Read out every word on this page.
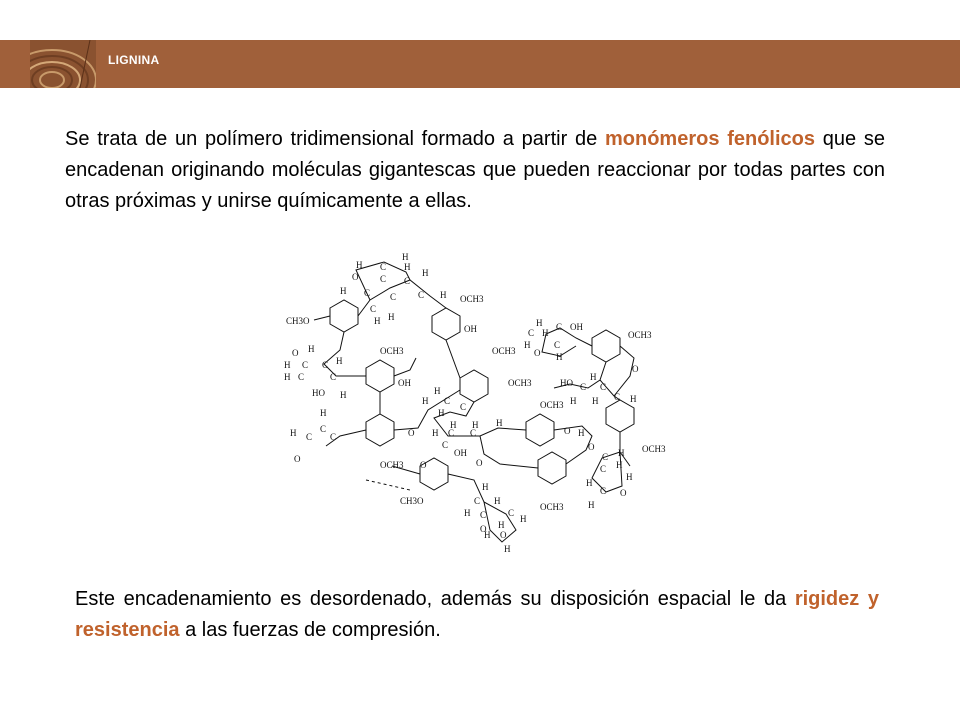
LIGNINA

Se trata de un polímero tridimensional formado a partir de monómeros fenólicos que se encadenan originando moléculas gigantescas que pueden reaccionar por todas partes con otras próximas y unirse químicamente a ellas.

H
H C H
H
O C C
H C C C H OCH3
C
H H
OH
CH3O
O H
H C C H
H C	C
HO H
OCH3
OH
OCH3
OCH3
H
H C
C
H
H H
H C C
H
C
OH
O
H
H C
C
C
O
OCH3
OCH3
O H
O
O
CH3O
H
C H
H C C
H
O H
H O
H
OCH3
H
C H
C OH
H
O
C
H
OCH3
HO
H
C C
H H C H
O
OCH3
O
C H
C H
H
H
C O
H

Este encadenamiento es desordenado, además su disposición espacial le da rigidez y resistencia a las fuerzas de compresión.
